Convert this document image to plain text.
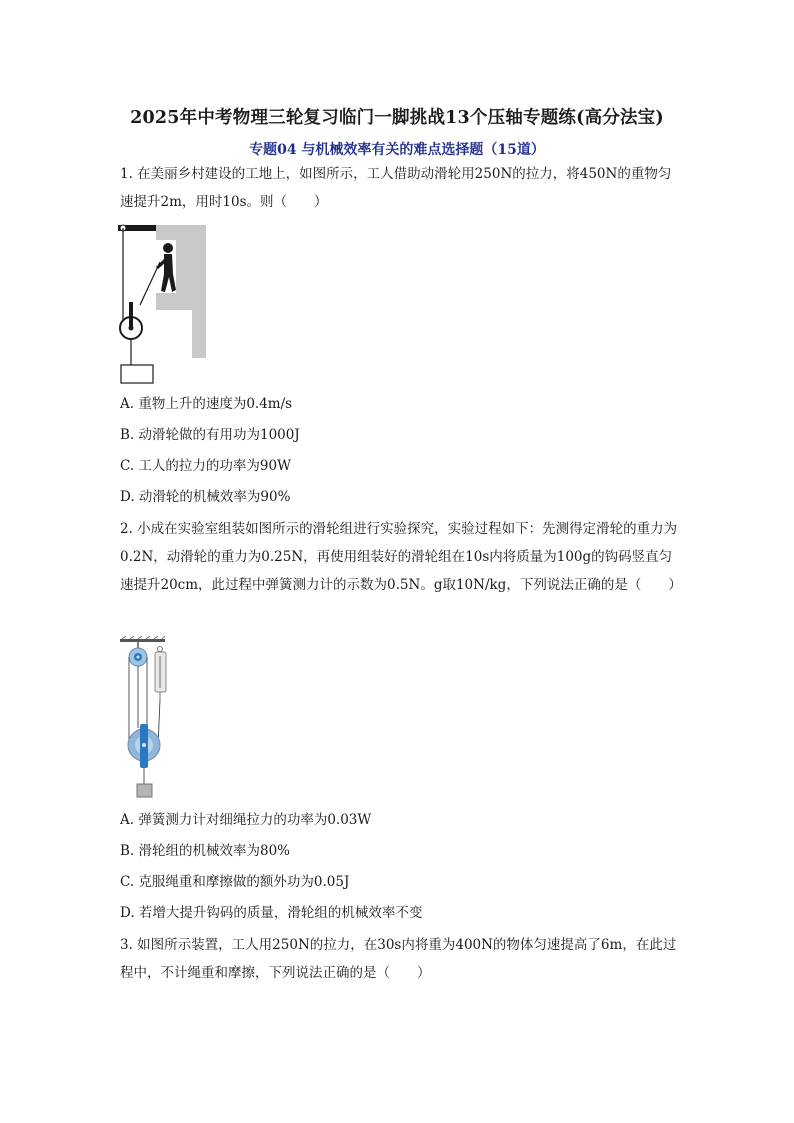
2025年中考物理三轮复习临门一脚挑战13个压轴专题练(高分法宝)
专题04 与机械效率有关的难点选择题（15道）
1. 在美丽乡村建设的工地上，如图所示，工人借助动滑轮用250N的拉力，将450N的重物匀速提升2m，用时10s。则（　　）
A. 重物上升的速度为0.4m/s
B. 动滑轮做的有用功为1000J
C. 工人的拉力的功率为90W
D. 动滑轮的机械效率为90%
2. 小成在实验室组装如图所示的滑轮组进行实验探究，实验过程如下：先测得定滑轮的重力为0.2N，动滑轮的重力为0.25N，再使用组装好的滑轮组在10s内将质量为100g的钩码竖直匀速提升20cm，此过程中弹簧测力计的示数为0.5N。g取10N/kg，下列说法正确的是（　　）
A. 弹簧测力计对细绳拉力的功率为0.03W
B. 滑轮组的机械效率为80%
C. 克服绳重和摩擦做的额外功为0.05J
D. 若增大提升钩码的质量，滑轮组的机械效率不变
3. 如图所示装置，工人用250N的拉力，在30s内将重为400N的物体匀速提高了6m，在此过程中，不计绳重和摩擦，下列说法正确的是（　　）
